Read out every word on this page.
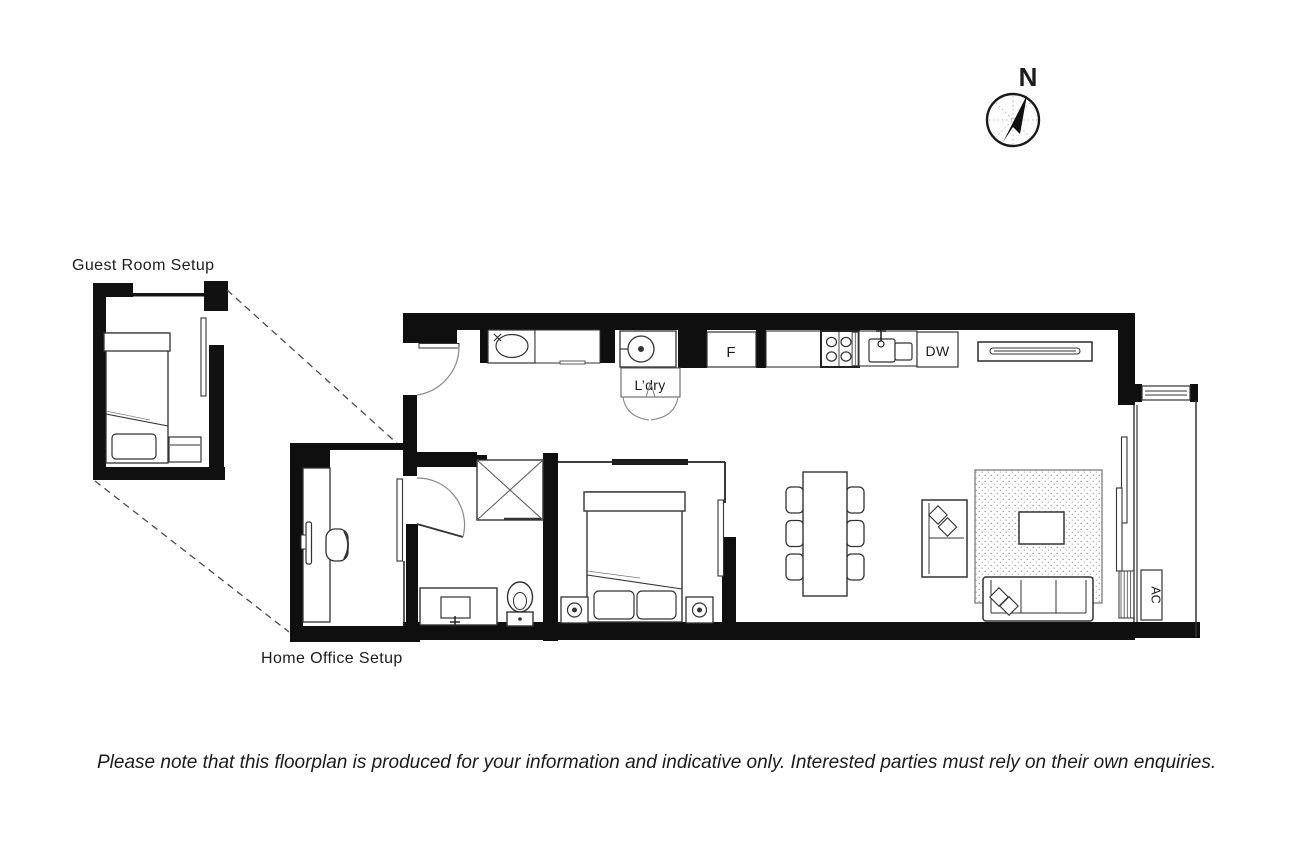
N
Guest Room Setup
L’dry
F	DW
AC
Home Office Setup
Please note that this floorplan is produced for your information and indicative only. Interested parties must rely on their own enquiries.
